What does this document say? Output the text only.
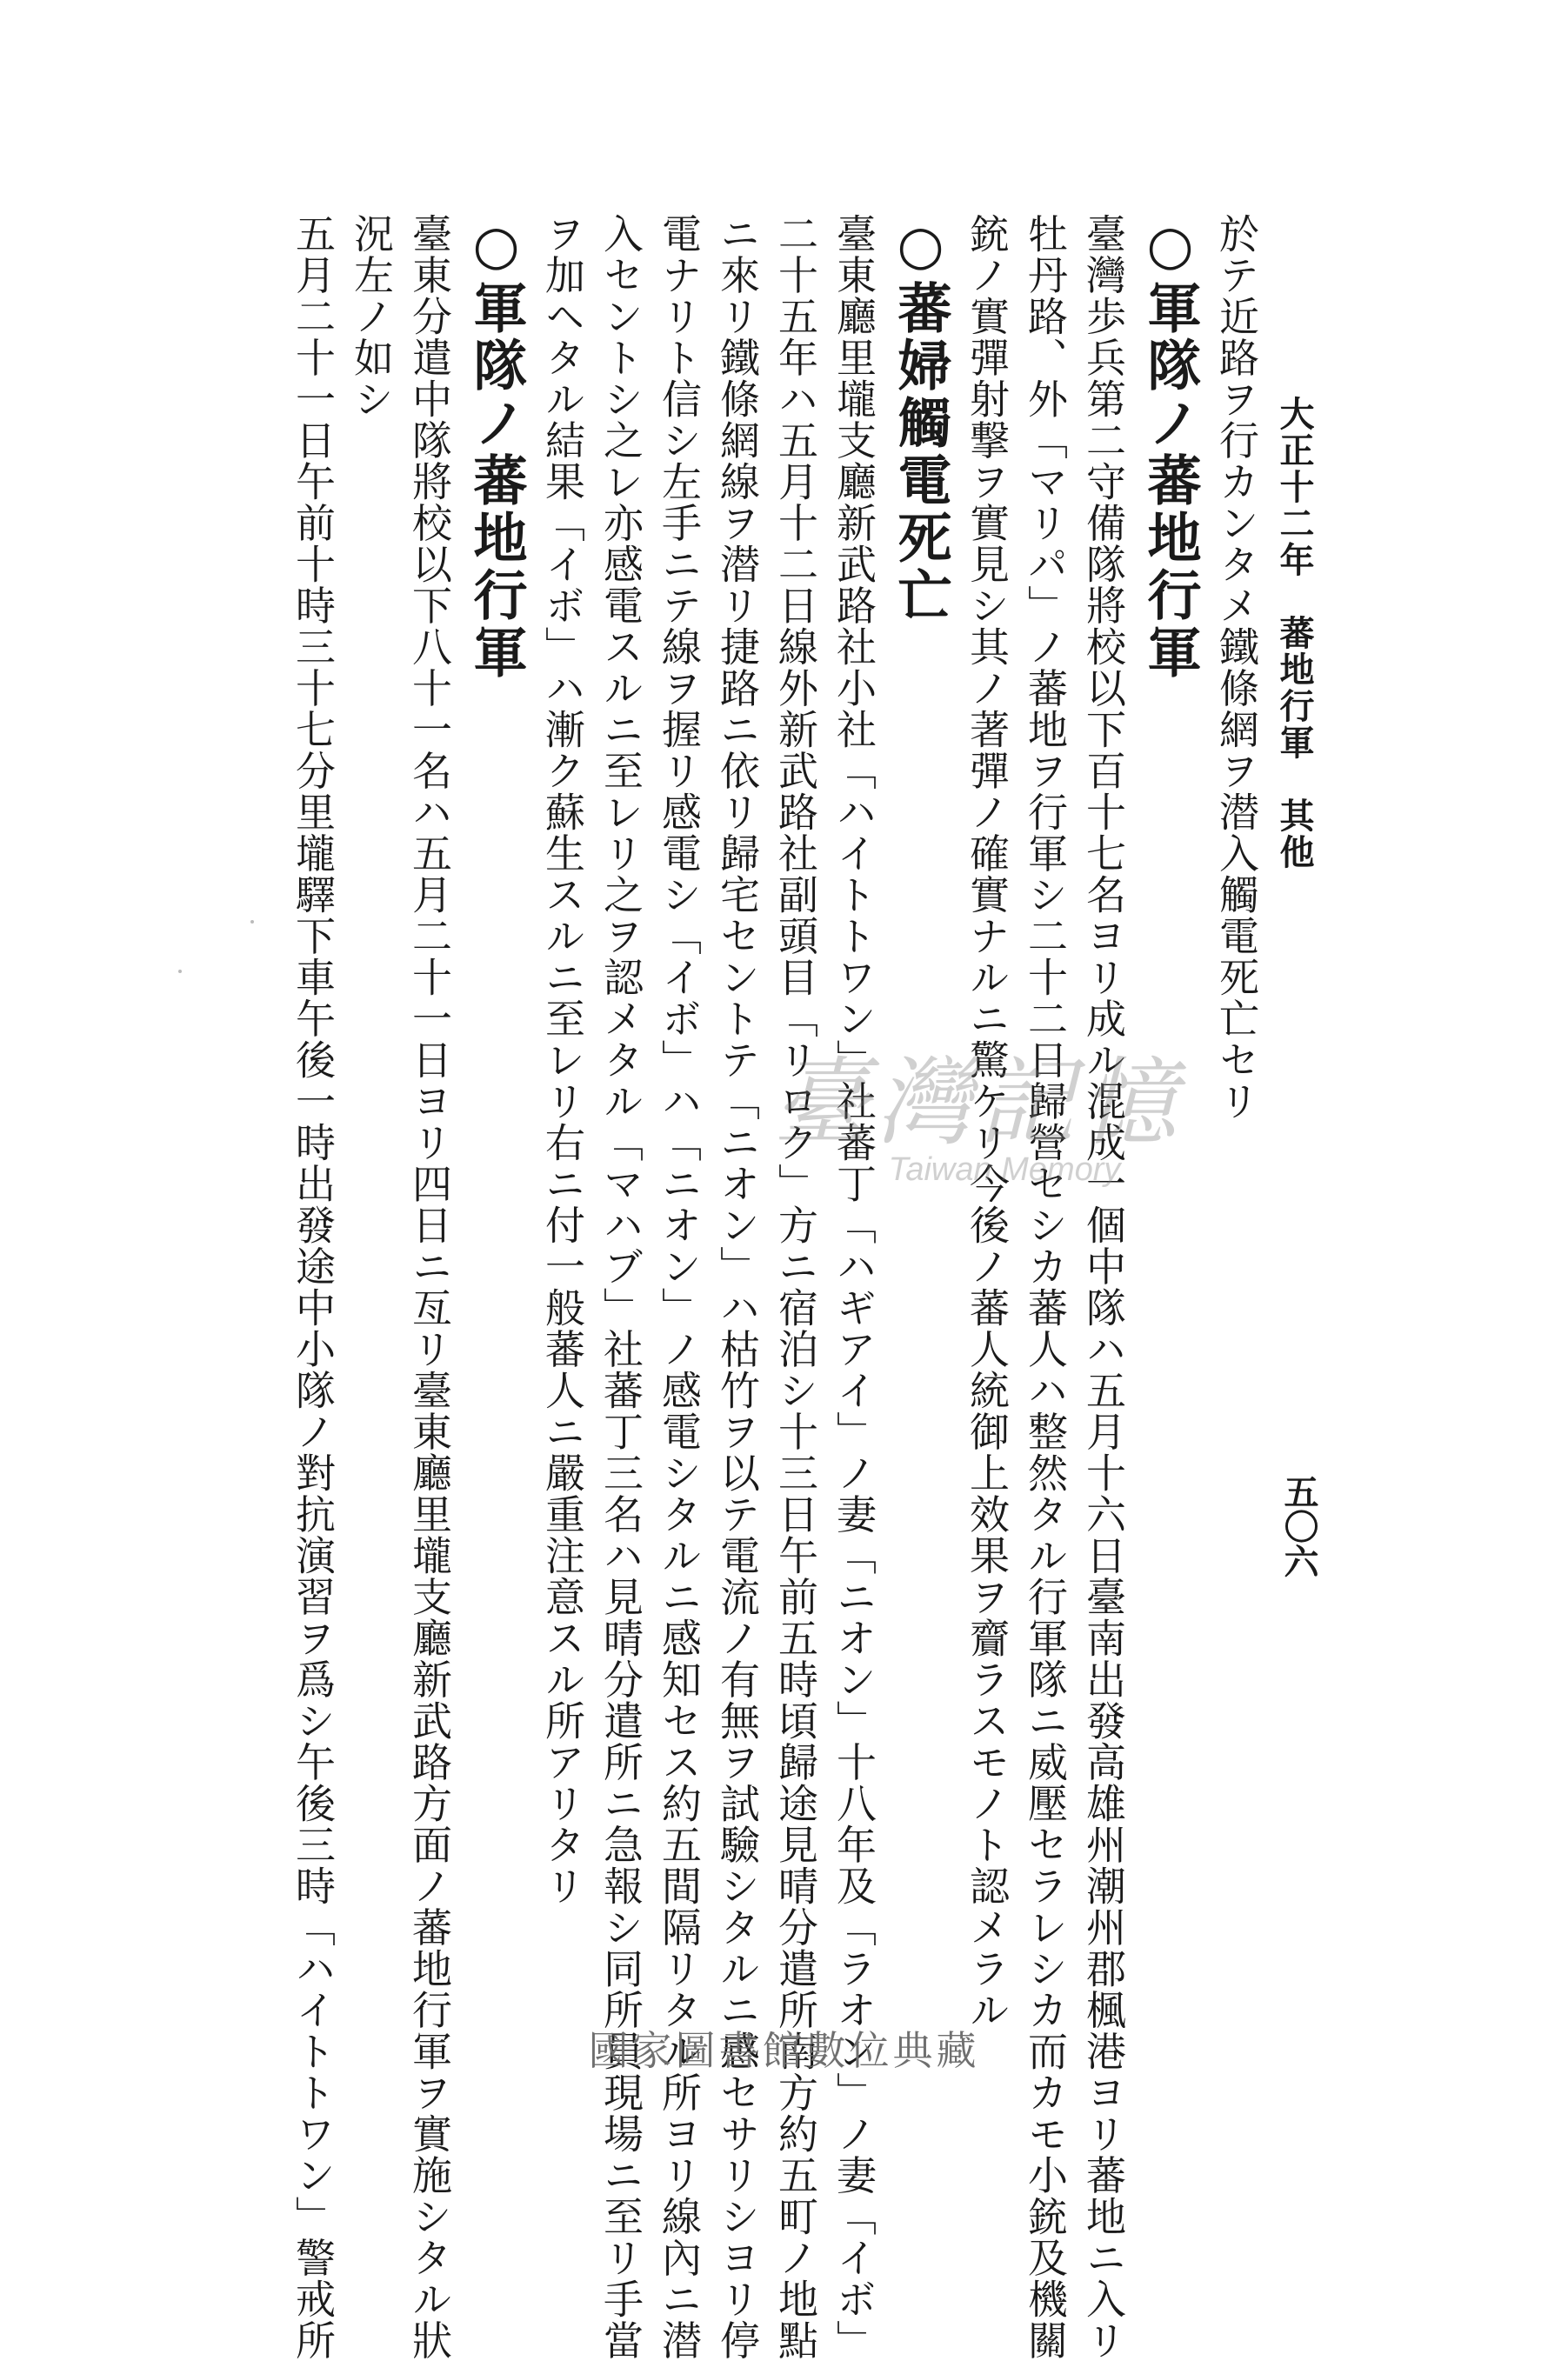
大正十二年蕃地行軍其他
五〇六
於テ近路ヲ行カンタメ鐵條網ヲ潜入觸電死亡セリ
○軍隊ノ蕃地行軍
臺灣歩兵第二守備隊將校以下百十七名ヨリ成ル混成一個中隊ハ五月十六日臺南出發高雄州潮州郡楓港ヨリ蕃地ニ入リ
牡丹路、外「マリパ」ノ蕃地ヲ行軍シ二十二日歸營セシカ蕃人ハ整然タル行軍隊ニ威壓セラレシカ而カモ小銃及機關
銃ノ實彈射撃ヲ實見シ其ノ著彈ノ確實ナルニ驚ケリ今後ノ蕃人統御上效果ヲ齎ラスモノト認メラル
○蕃婦觸電死亡
臺東廳里壠支廳新武路社小社「ハイトトワン」社蕃丁「ハギアイ」ノ妻「ニオン」十八年及「ラオン」ノ妻「イボ」
二十五年ハ五月十二日線外新武路社副頭目「リロク」方ニ宿泊シ十三日午前五時頃歸途見晴分遣所南方約五町ノ地點
ニ來リ鐵條網線ヲ潜リ捷路ニ依リ歸宅セントテ「ニオン」ハ枯竹ヲ以テ電流ノ有無ヲ試驗シタルニ感セサリシヨリ停
電ナリト信シ左手ニテ線ヲ握リ感電シ「イボ」ハ「ニオン」ノ感電シタルニ感知セス約五間隔リタル所ヨリ線內ニ潜
入セントシ之レ亦感電スルニ至レリ之ヲ認メタル「マハブ」社蕃丁三名ハ見晴分遣所ニ急報シ同所員現場ニ至リ手當
ヲ加ヘタル結果「イボ」ハ漸ク蘇生スルニ至レリ右ニ付一般蕃人ニ嚴重注意スル所アリタリ
○軍隊ノ蕃地行軍
臺東分遣中隊將校以下八十一名ハ五月二十一日ヨリ四日ニ亙リ臺東廳里壠支廳新武路方面ノ蕃地行軍ヲ實施シタル狀
況左ノ如シ
五月二十一日午前十時三十七分里壠驛下車午後一時出發途中小隊ノ對抗演習ヲ爲シ午後三時「ハイトトワン」警戒所	臺灣記憶
Taiwan Memory
國家圖書館數位典藏
